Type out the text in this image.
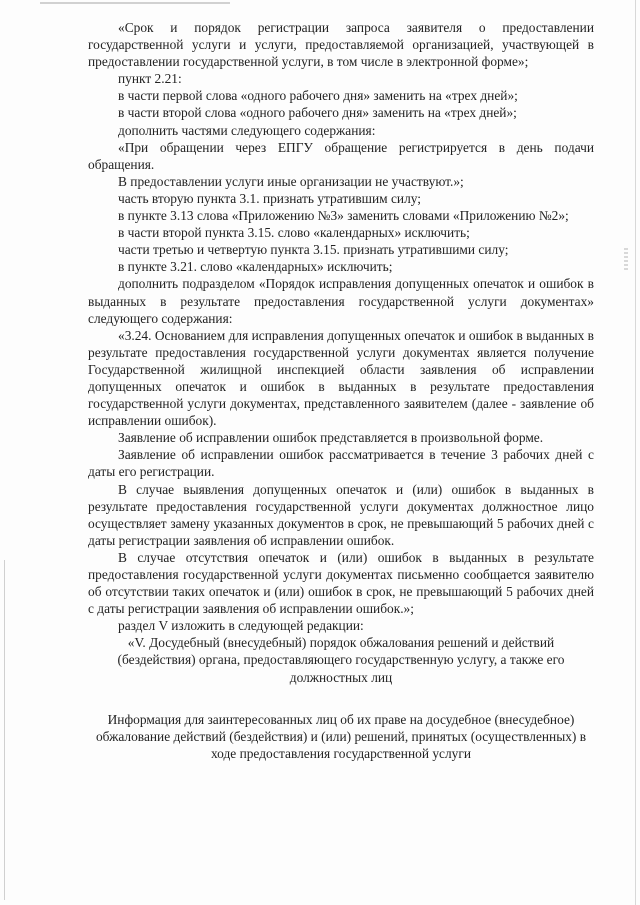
«Срок и порядок регистрации запроса заявителя о предоставлении государственной услуги и услуги, предоставляемой организацией, участвующей в предоставлении государственной услуги, в том числе в электронной форме»;

пункт 2.21:

в части первой слова «одного рабочего дня» заменить на «трех дней»;

в части второй слова «одного рабочего дня» заменить на «трех дней»;

дополнить частями следующего содержания:

«При обращении через ЕПГУ обращение регистрируется в день подачи обращения.

В предоставлении услуги иные организации не участвуют.»;

часть вторую пункта 3.1. признать утратившим силу;

в пункте 3.13 слова «Приложению №3» заменить словами «Приложению №2»;

в части второй пункта 3.15. слово «календарных» исключить;

части третью и четвертую пункта 3.15. признать утратившими силу;

в пункте 3.21. слово «календарных» исключить;

дополнить подразделом «Порядок исправления допущенных опечаток и ошибок в выданных в результате предоставления государственной услуги документах» следующего содержания:

«3.24. Основанием для исправления допущенных опечаток и ошибок в выданных в результате предоставления государственной услуги документах является получение Государственной жилищной инспекцией области заявления об исправлении допущенных опечаток и ошибок в выданных в результате предоставления государственной услуги документах, представленного заявителем (далее - заявление об исправлении ошибок).

Заявление об исправлении ошибок представляется в произвольной форме.

Заявление об исправлении ошибок рассматривается в течение 3 рабочих дней с даты его регистрации.

В случае выявления допущенных опечаток и (или) ошибок в выданных в результате предоставления государственной услуги документах должностное лицо осуществляет замену указанных документов в срок, не превышающий 5 рабочих дней с даты регистрации заявления об исправлении ошибок.

В случае отсутствия опечаток и (или) ошибок в выданных в результате предоставления государственной услуги документах письменно сообщается заявителю об отсутствии таких опечаток и (или) ошибок в срок, не превышающий 5 рабочих дней с даты регистрации заявления об исправлении ошибок.»;

раздел V изложить в следующей редакции:

«V. Досудебный (внесудебный) порядок обжалования решений и действий (бездействия) органа, предоставляющего государственную услугу, а также его должностных лиц

Информация для заинтересованных лиц об их праве на досудебное (внесудебное) обжалование действий (бездействия) и (или) решений, принятых (осуществленных) в ходе предоставления государственной услуги
